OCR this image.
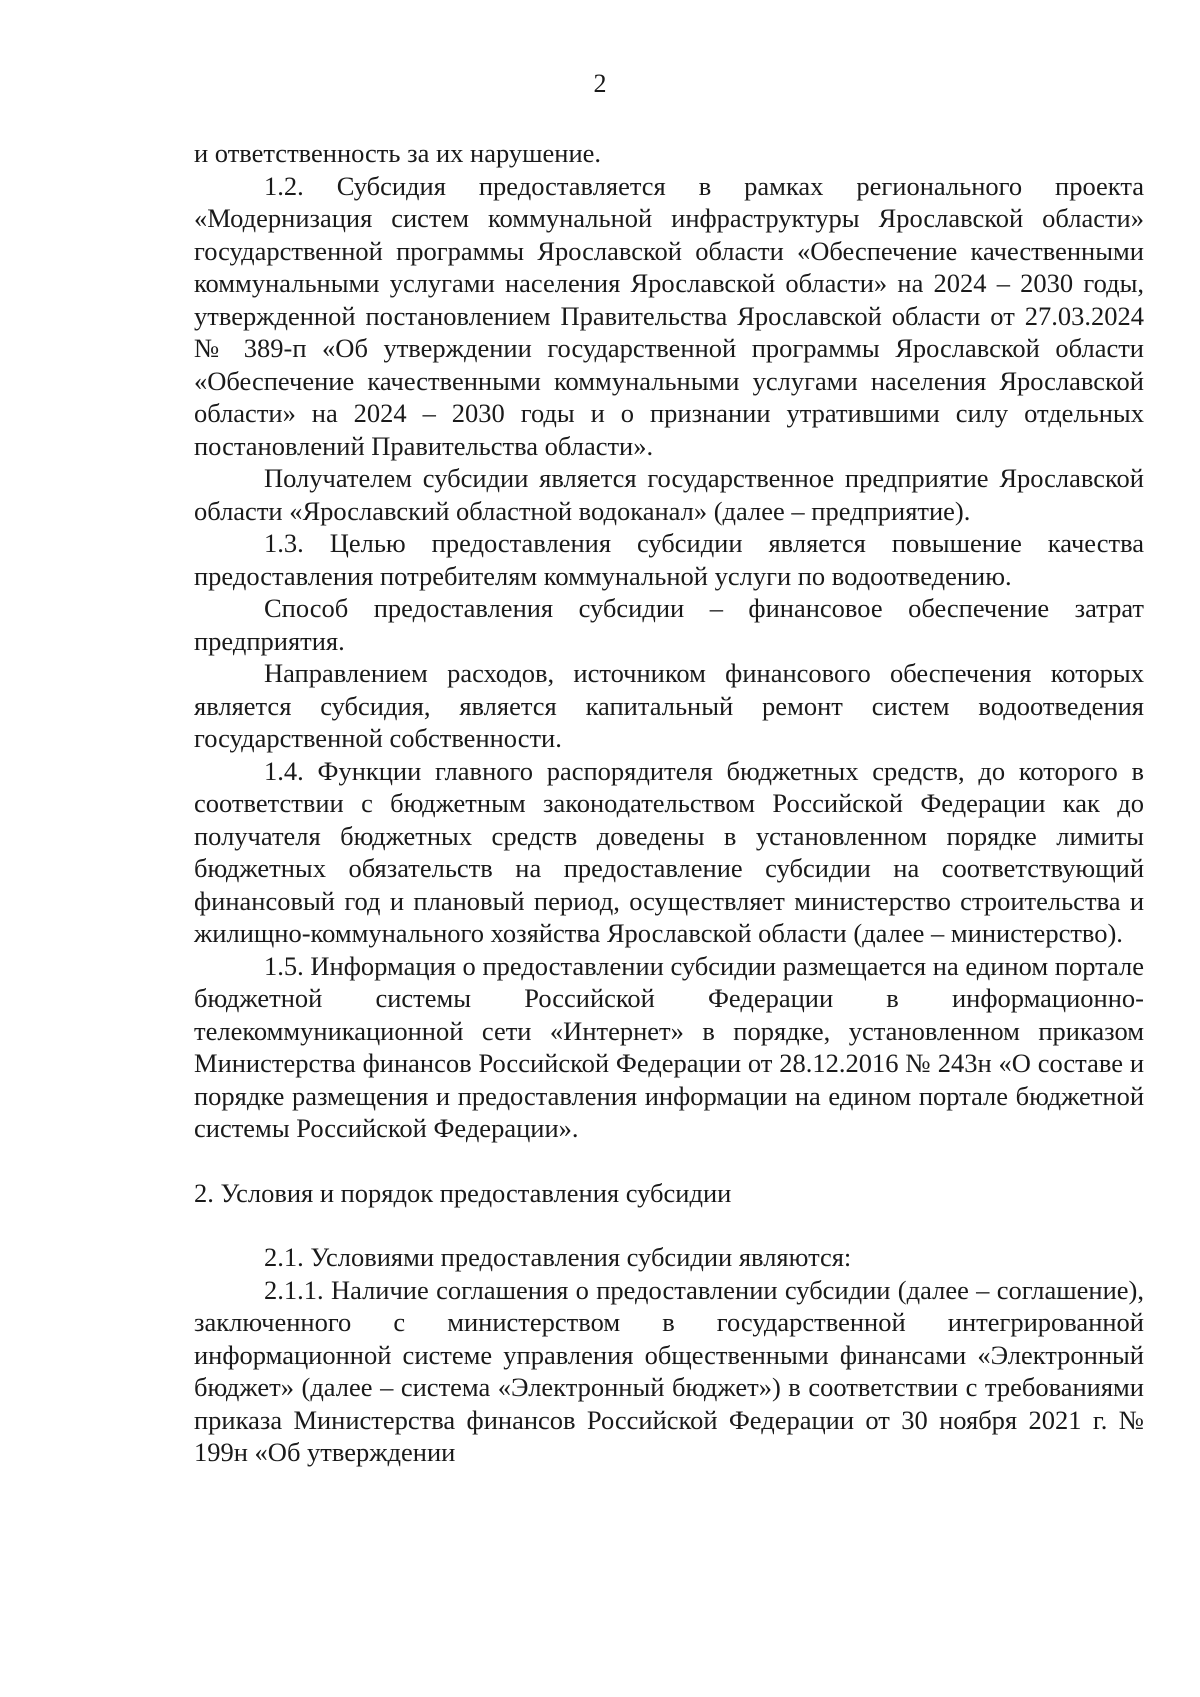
2

и ответственность за их нарушение.

1.2. Субсидия предоставляется в рамках регионального проекта «Модернизация систем коммунальной инфраструктуры Ярославской области» государственной программы Ярославской области «Обеспечение качественными коммунальными услугами населения Ярославской области» на 2024 – 2030 годы, утвержденной постановлением Правительства Ярославской области от 27.03.2024 № 389-п «Об утверждении государственной программы Ярославской области «Обеспечение качественными коммунальными услугами населения Ярославской области» на 2024 – 2030 годы и о признании утратившими силу отдельных постановлений Правительства области».

Получателем субсидии является государственное предприятие Ярославской области «Ярославский областной водоканал» (далее – предприятие).

1.3. Целью предоставления субсидии является повышение качества предоставления потребителям коммунальной услуги по водоотведению.

Способ предоставления субсидии – финансовое обеспечение затрат предприятия.

Направлением расходов, источником финансового обеспечения которых является субсидия, является капитальный ремонт систем водоотведения государственной собственности.

1.4. Функции главного распорядителя бюджетных средств, до которого в соответствии с бюджетным законодательством Российской Федерации как до получателя бюджетных средств доведены в установленном порядке лимиты бюджетных обязательств на предоставление субсидии на соответствующий финансовый год и плановый период, осуществляет министерство строительства и жилищно-коммунального хозяйства Ярославской области (далее – министерство).

1.5. Информация о предоставлении субсидии размещается на едином портале бюджетной системы Российской Федерации в информационно-телекоммуникационной сети «Интернет» в порядке, установленном приказом Министерства финансов Российской Федерации от 28.12.2016 № 243н «О составе и порядке размещения и предоставления информации на едином портале бюджетной системы Российской Федерации».

2. Условия и порядок предоставления субсидии

2.1. Условиями предоставления субсидии являются:

2.1.1. Наличие соглашения о предоставлении субсидии (далее – соглашение), заключенного с министерством в государственной интегрированной информационной системе управления общественными финансами «Электронный бюджет» (далее – система «Электронный бюджет») в соответствии с требованиями приказа Министерства финансов Российской Федерации от 30 ноября 2021 г. № 199н «Об утверждении
